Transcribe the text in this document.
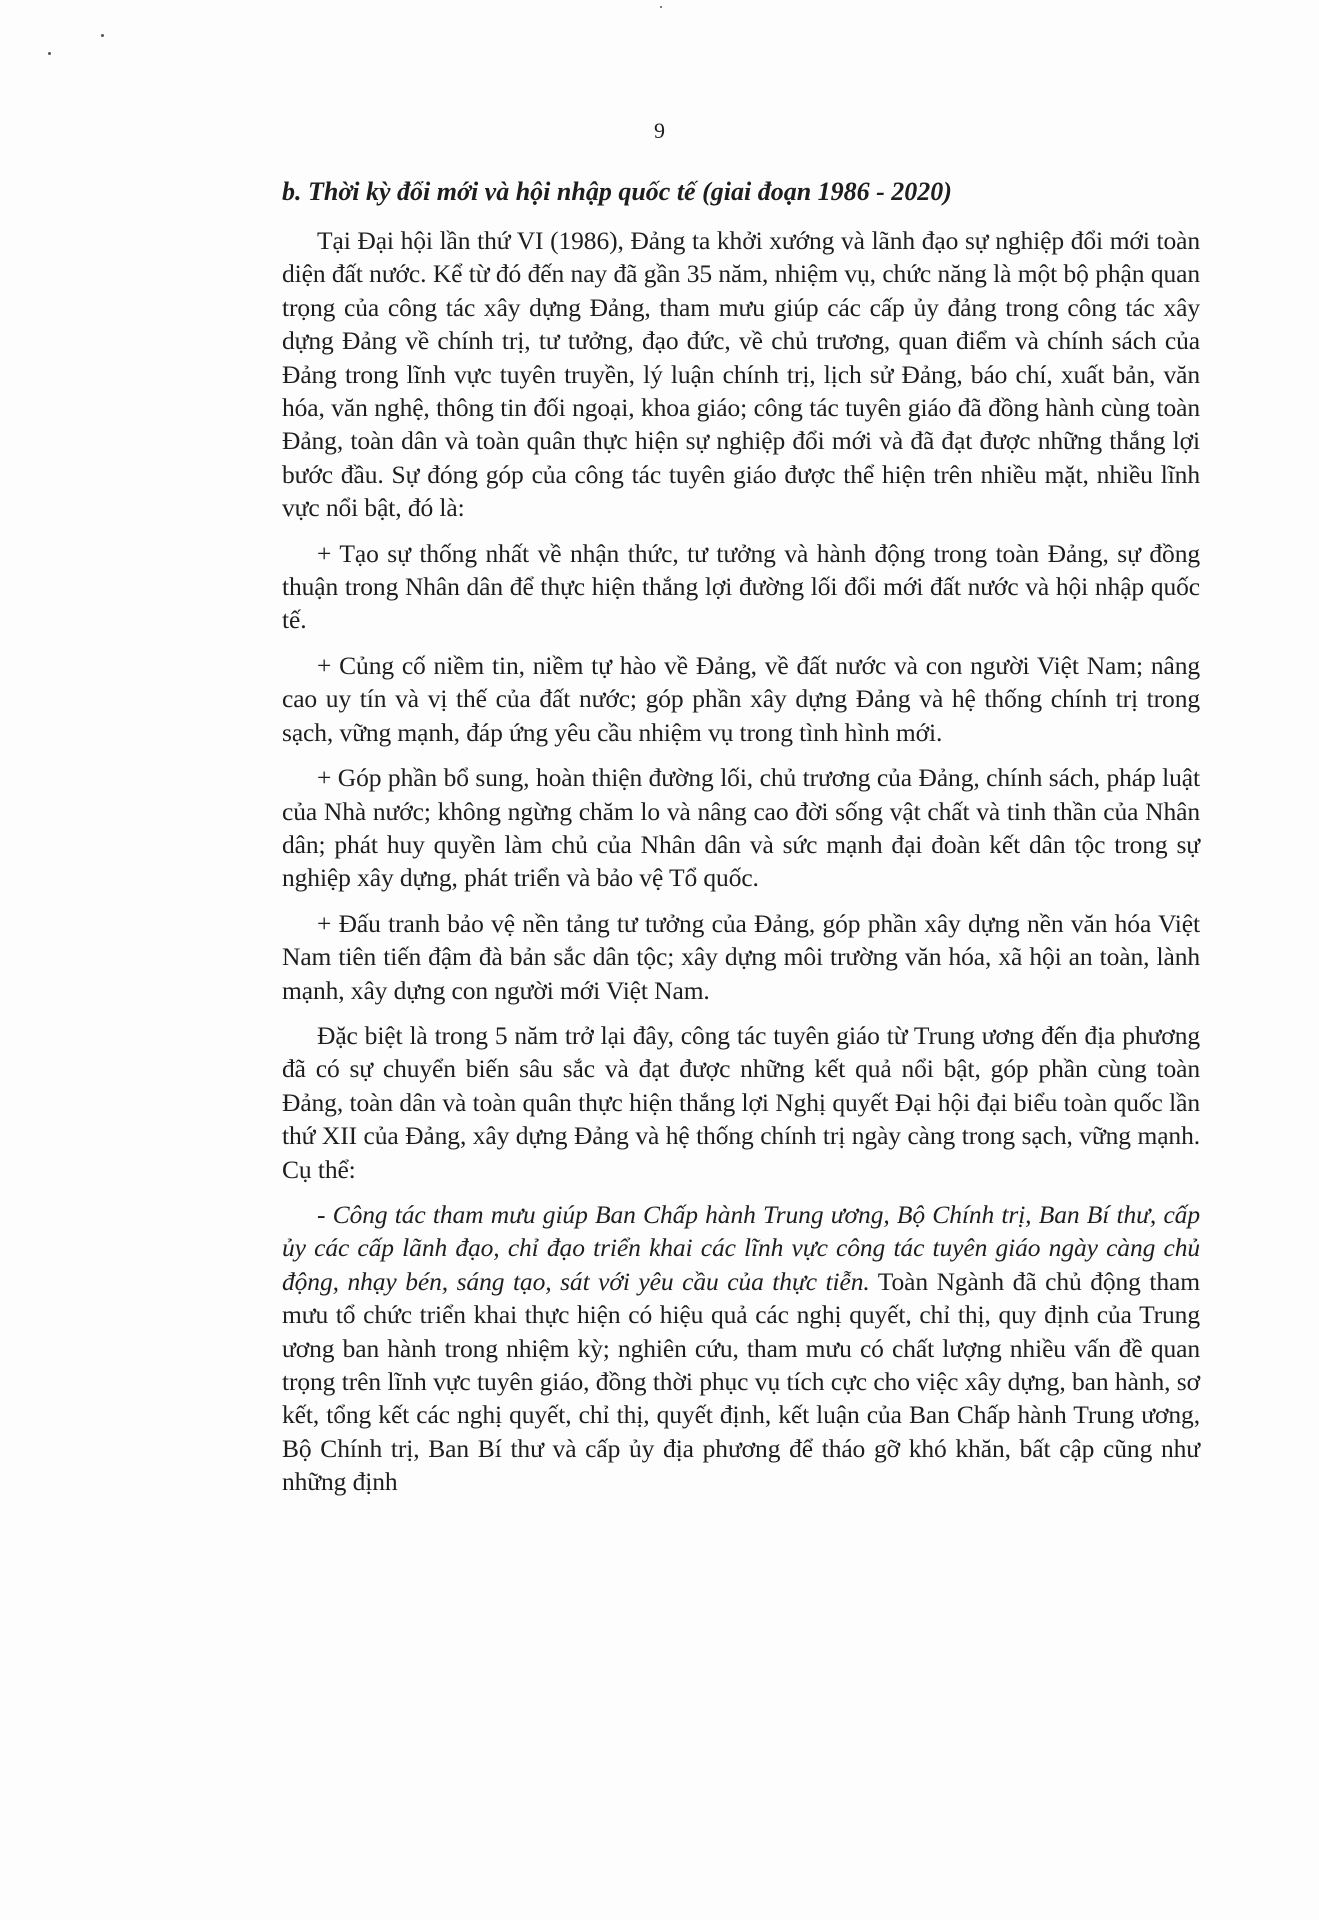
9
b. Thời kỳ đổi mới và hội nhập quốc tế (giai đoạn 1986 - 2020)

Tại Đại hội lần thứ VI (1986), Đảng ta khởi xướng và lãnh đạo sự nghiệp đổi mới toàn diện đất nước. Kể từ đó đến nay đã gần 35 năm, nhiệm vụ, chức năng là một bộ phận quan trọng của công tác xây dựng Đảng, tham mưu giúp các cấp ủy đảng trong công tác xây dựng Đảng về chính trị, tư tưởng, đạo đức, về chủ trương, quan điểm và chính sách của Đảng trong lĩnh vực tuyên truyền, lý luận chính trị, lịch sử Đảng, báo chí, xuất bản, văn hóa, văn nghệ, thông tin đối ngoại, khoa giáo; công tác tuyên giáo đã đồng hành cùng toàn Đảng, toàn dân và toàn quân thực hiện sự nghiệp đổi mới và đã đạt được những thắng lợi bước đầu. Sự đóng góp của công tác tuyên giáo được thể hiện trên nhiều mặt, nhiều lĩnh vực nổi bật, đó là:

+ Tạo sự thống nhất về nhận thức, tư tưởng và hành động trong toàn Đảng, sự đồng thuận trong Nhân dân để thực hiện thắng lợi đường lối đổi mới đất nước và hội nhập quốc tế.

+ Củng cố niềm tin, niềm tự hào về Đảng, về đất nước và con người Việt Nam; nâng cao uy tín và vị thế của đất nước; góp phần xây dựng Đảng và hệ thống chính trị trong sạch, vững mạnh, đáp ứng yêu cầu nhiệm vụ trong tình hình mới.

+ Góp phần bổ sung, hoàn thiện đường lối, chủ trương của Đảng, chính sách, pháp luật của Nhà nước; không ngừng chăm lo và nâng cao đời sống vật chất và tinh thần của Nhân dân; phát huy quyền làm chủ của Nhân dân và sức mạnh đại đoàn kết dân tộc trong sự nghiệp xây dựng, phát triển và bảo vệ Tổ quốc.

+ Đấu tranh bảo vệ nền tảng tư tưởng của Đảng, góp phần xây dựng nền văn hóa Việt Nam tiên tiến đậm đà bản sắc dân tộc; xây dựng môi trường văn hóa, xã hội an toàn, lành mạnh, xây dựng con người mới Việt Nam.

Đặc biệt là trong 5 năm trở lại đây, công tác tuyên giáo từ Trung ương đến địa phương đã có sự chuyển biến sâu sắc và đạt được những kết quả nổi bật, góp phần cùng toàn Đảng, toàn dân và toàn quân thực hiện thắng lợi Nghị quyết Đại hội đại biểu toàn quốc lần thứ XII của Đảng, xây dựng Đảng và hệ thống chính trị ngày càng trong sạch, vững mạnh. Cụ thể:

- Công tác tham mưu giúp Ban Chấp hành Trung ương, Bộ Chính trị, Ban Bí thư, cấp ủy các cấp lãnh đạo, chỉ đạo triển khai các lĩnh vực công tác tuyên giáo ngày càng chủ động, nhạy bén, sáng tạo, sát với yêu cầu của thực tiễn. Toàn Ngành đã chủ động tham mưu tổ chức triển khai thực hiện có hiệu quả các nghị quyết, chỉ thị, quy định của Trung ương ban hành trong nhiệm kỳ; nghiên cứu, tham mưu có chất lượng nhiều vấn đề quan trọng trên lĩnh vực tuyên giáo, đồng thời phục vụ tích cực cho việc xây dựng, ban hành, sơ kết, tổng kết các nghị quyết, chỉ thị, quyết định, kết luận của Ban Chấp hành Trung ương, Bộ Chính trị, Ban Bí thư và cấp ủy địa phương để tháo gỡ khó khăn, bất cập cũng như những định
